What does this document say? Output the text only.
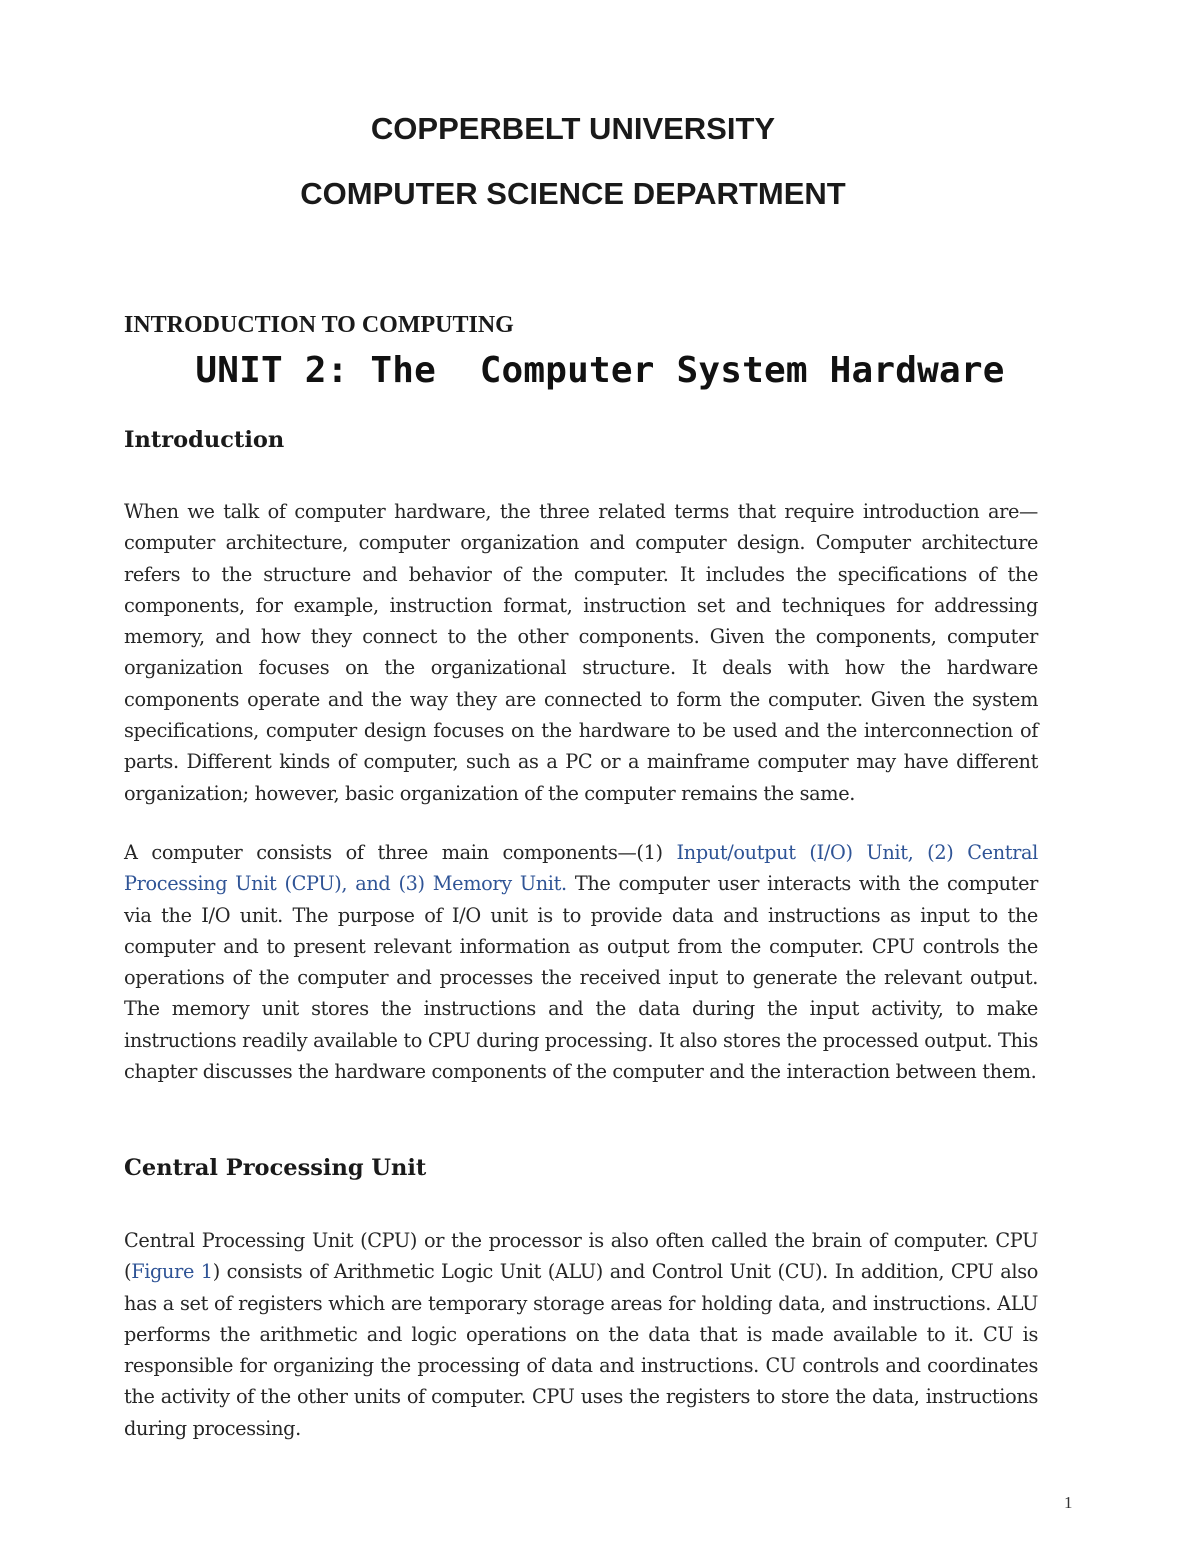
COPPERBELT UNIVERSITY
COMPUTER SCIENCE DEPARTMENT
INTRODUCTION TO COMPUTING
UNIT 2: The  Computer System Hardware
Introduction

When we talk of computer hardware, the three related terms that require introduction are—computer architecture, computer organization and computer design. Computer architecture refers to the structure and behavior of the computer. It includes the specifications of the components, for example, instruction format, instruction set and techniques for addressing memory, and how they connect to the other components. Given the components, computer organization focuses on the organizational structure. It deals with how the hardware components operate and the way they are connected to form the computer. Given the system specifications, computer design focuses on the hardware to be used and the interconnection of parts. Different kinds of computer, such as a PC or a mainframe computer may have different organization; however, basic organization of the computer remains the same.

A computer consists of three main components—(1) Input/output (I/O) Unit, (2) Central Processing Unit (CPU), and (3) Memory Unit. The computer user interacts with the computer via the I/O unit. The purpose of I/O unit is to provide data and instructions as input to the computer and to present relevant information as output from the computer. CPU controls the operations of the computer and processes the received input to generate the relevant output. The memory unit stores the instructions and the data during the input activity, to make instructions readily available to CPU during processing. It also stores the processed output. This chapter discusses the hardware components of the computer and the interaction between them.

Central Processing Unit

Central Processing Unit (CPU) or the processor is also often called the brain of computer. CPU (Figure 1) consists of Arithmetic Logic Unit (ALU) and Control Unit (CU). In addition, CPU also has a set of registers which are temporary storage areas for holding data, and instructions. ALU performs the arithmetic and logic operations on the data that is made available to it. CU is responsible for organizing the processing of data and instructions. CU controls and coordinates the activity of the other units of computer. CPU uses the registers to store the data, instructions during processing.

1
